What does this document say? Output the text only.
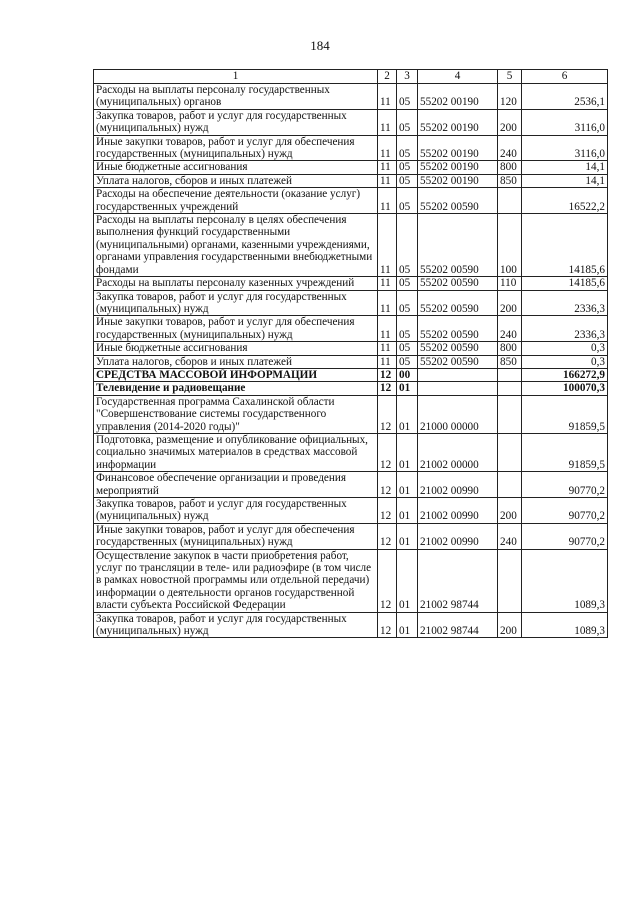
184
1	2	3	4	5	6
Расходы на выплаты персоналу государственных (муниципальных) органов	11	05	55202 00190	120	2536,1
Закупка товаров, работ и услуг для государственных (муниципальных) нужд	11	05	55202 00190	200	3116,0
Иные закупки товаров, работ и услуг для обеспечения государственных (муниципальных) нужд	11	05	55202 00190	240	3116,0
Иные бюджетные ассигнования	11	05	55202 00190	800	14,1
Уплата налогов, сборов и иных платежей	11	05	55202 00190	850	14,1
Расходы на обеспечение деятельности (оказание услуг) государственных учреждений	11	05	55202 00590		16522,2
Расходы на выплаты персоналу в целях обеспечения выполнения функций государственными (муниципальными) органами, казенными учреждениями, органами управления государственными внебюджетными фондами	11	05	55202 00590	100	14185,6
Расходы на выплаты персоналу казенных учреждений	11	05	55202 00590	110	14185,6
Закупка товаров, работ и услуг для государственных (муниципальных) нужд	11	05	55202 00590	200	2336,3
Иные закупки товаров, работ и услуг для обеспечения государственных (муниципальных) нужд	11	05	55202 00590	240	2336,3
Иные бюджетные ассигнования	11	05	55202 00590	800	0,3
Уплата налогов, сборов и иных платежей	11	05	55202 00590	850	0,3
СРЕДСТВА МАССОВОЙ ИНФОРМАЦИИ	12	00			166272,9
Телевидение и радиовещание	12	01			100070,3
Государственная программа Сахалинской области "Совершенствование системы государственного управления (2014-2020 годы)"	12	01	21000 00000		91859,5
Подготовка, размещение и опубликование официальных, социально значимых материалов в средствах массовой информации	12	01	21002 00000		91859,5
Финансовое обеспечение организации и проведения мероприятий	12	01	21002 00990		90770,2
Закупка товаров, работ и услуг для государственных (муниципальных) нужд	12	01	21002 00990	200	90770,2
Иные закупки товаров, работ и услуг для обеспечения государственных (муниципальных) нужд	12	01	21002 00990	240	90770,2
Осуществление закупок в части приобретения работ, услуг по трансляции в теле- или радиоэфире (в том числе в рамках новостной программы или отдельной передачи) информации о деятельности органов государственной власти субъекта Российской Федерации	12	01	21002 98744		1089,3
Закупка товаров, работ и услуг для государственных (муниципальных) нужд	12	01	21002 98744	200	1089,3
